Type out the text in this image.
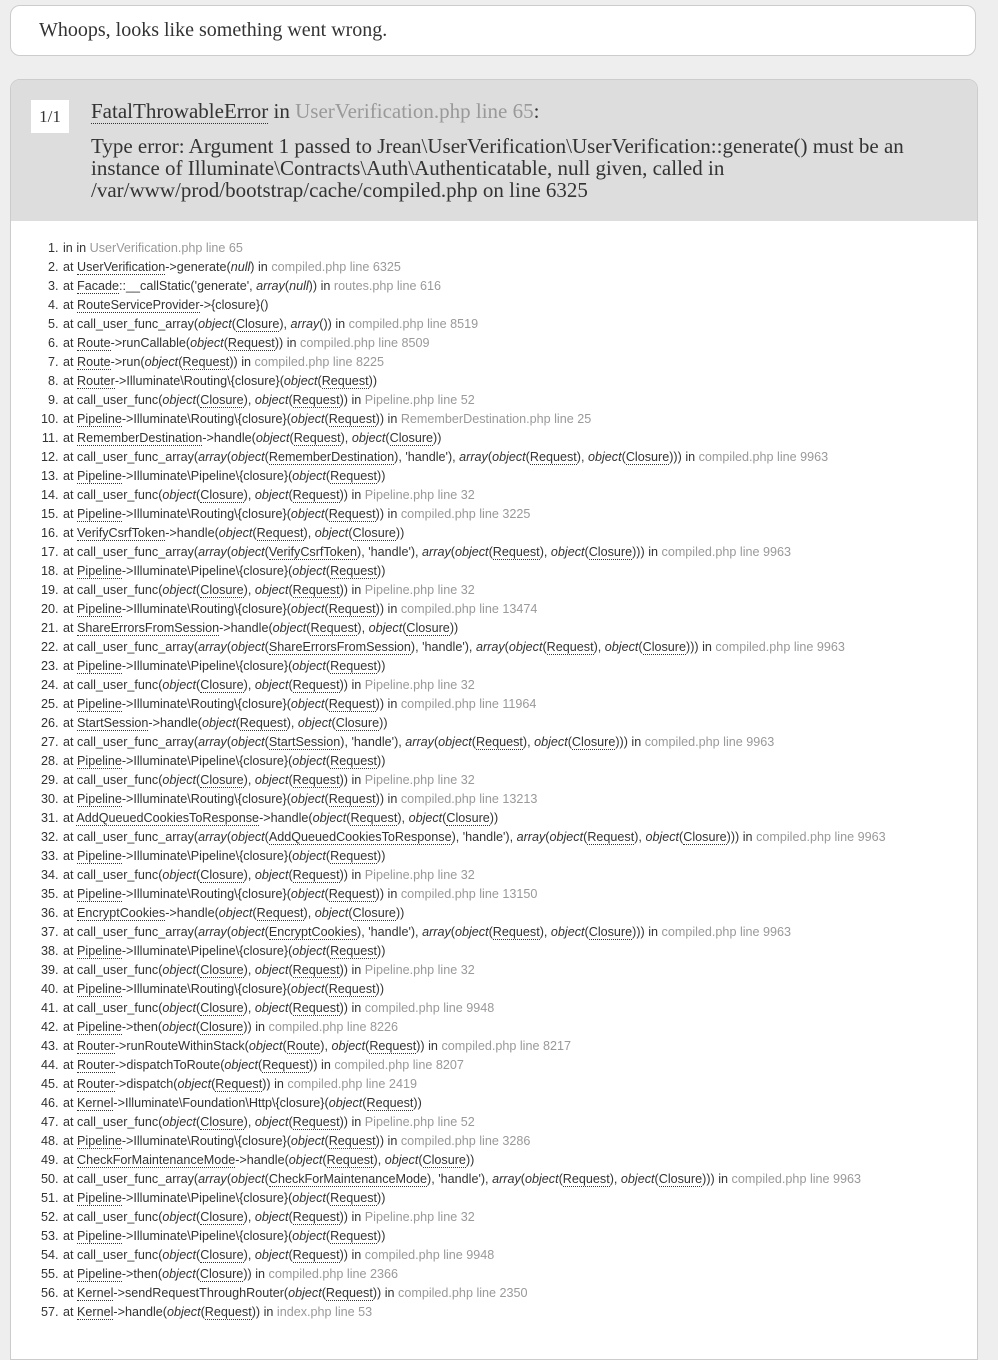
Whoops, looks like something went wrong.
1/1	FatalThrowableError in UserVerification.php line 65:
Type error: Argument 1 passed to Jrean\UserVerification\UserVerification::generate() must be an instance of Illuminate\Contracts\Auth\Authenticatable, null given, called in /var/www/prod/bootstrap/cache/compiled.php on line 6325
1. in in UserVerification.php line 65
2. at UserVerification->generate(null) in compiled.php line 6325
3. at Facade::__callStatic('generate', array(null)) in routes.php line 616
4. at RouteServiceProvider->{closure}()
5. at call_user_func_array(object(Closure), array()) in compiled.php line 8519
6. at Route->runCallable(object(Request)) in compiled.php line 8509
7. at Route->run(object(Request)) in compiled.php line 8225
8. at Router->Illuminate\Routing\{closure}(object(Request))
9. at call_user_func(object(Closure), object(Request)) in Pipeline.php line 52
10. at Pipeline->Illuminate\Routing\{closure}(object(Request)) in RememberDestination.php line 25
11. at RememberDestination->handle(object(Request), object(Closure))
12. at call_user_func_array(array(object(RememberDestination), 'handle'), array(object(Request), object(Closure))) in compiled.php line 9963
13. at Pipeline->Illuminate\Pipeline\{closure}(object(Request))
14. at call_user_func(object(Closure), object(Request)) in Pipeline.php line 32
15. at Pipeline->Illuminate\Routing\{closure}(object(Request)) in compiled.php line 3225
16. at VerifyCsrfToken->handle(object(Request), object(Closure))
17. at call_user_func_array(array(object(VerifyCsrfToken), 'handle'), array(object(Request), object(Closure))) in compiled.php line 9963
18. at Pipeline->Illuminate\Pipeline\{closure}(object(Request))
19. at call_user_func(object(Closure), object(Request)) in Pipeline.php line 32
20. at Pipeline->Illuminate\Routing\{closure}(object(Request)) in compiled.php line 13474
21. at ShareErrorsFromSession->handle(object(Request), object(Closure))
22. at call_user_func_array(array(object(ShareErrorsFromSession), 'handle'), array(object(Request), object(Closure))) in compiled.php line 9963
23. at Pipeline->Illuminate\Pipeline\{closure}(object(Request))
24. at call_user_func(object(Closure), object(Request)) in Pipeline.php line 32
25. at Pipeline->Illuminate\Routing\{closure}(object(Request)) in compiled.php line 11964
26. at StartSession->handle(object(Request), object(Closure))
27. at call_user_func_array(array(object(StartSession), 'handle'), array(object(Request), object(Closure))) in compiled.php line 9963
28. at Pipeline->Illuminate\Pipeline\{closure}(object(Request))
29. at call_user_func(object(Closure), object(Request)) in Pipeline.php line 32
30. at Pipeline->Illuminate\Routing\{closure}(object(Request)) in compiled.php line 13213
31. at AddQueuedCookiesToResponse->handle(object(Request), object(Closure))
32. at call_user_func_array(array(object(AddQueuedCookiesToResponse), 'handle'), array(object(Request), object(Closure))) in compiled.php line 9963
33. at Pipeline->Illuminate\Pipeline\{closure}(object(Request))
34. at call_user_func(object(Closure), object(Request)) in Pipeline.php line 32
35. at Pipeline->Illuminate\Routing\{closure}(object(Request)) in compiled.php line 13150
36. at EncryptCookies->handle(object(Request), object(Closure))
37. at call_user_func_array(array(object(EncryptCookies), 'handle'), array(object(Request), object(Closure))) in compiled.php line 9963
38. at Pipeline->Illuminate\Pipeline\{closure}(object(Request))
39. at call_user_func(object(Closure), object(Request)) in Pipeline.php line 32
40. at Pipeline->Illuminate\Routing\{closure}(object(Request))
41. at call_user_func(object(Closure), object(Request)) in compiled.php line 9948
42. at Pipeline->then(object(Closure)) in compiled.php line 8226
43. at Router->runRouteWithinStack(object(Route), object(Request)) in compiled.php line 8217
44. at Router->dispatchToRoute(object(Request)) in compiled.php line 8207
45. at Router->dispatch(object(Request)) in compiled.php line 2419
46. at Kernel->Illuminate\Foundation\Http\{closure}(object(Request))
47. at call_user_func(object(Closure), object(Request)) in Pipeline.php line 52
48. at Pipeline->Illuminate\Routing\{closure}(object(Request)) in compiled.php line 3286
49. at CheckForMaintenanceMode->handle(object(Request), object(Closure))
50. at call_user_func_array(array(object(CheckForMaintenanceMode), 'handle'), array(object(Request), object(Closure))) in compiled.php line 9963
51. at Pipeline->Illuminate\Pipeline\{closure}(object(Request))
52. at call_user_func(object(Closure), object(Request)) in Pipeline.php line 32
53. at Pipeline->Illuminate\Pipeline\{closure}(object(Request))
54. at call_user_func(object(Closure), object(Request)) in compiled.php line 9948
55. at Pipeline->then(object(Closure)) in compiled.php line 2366
56. at Kernel->sendRequestThroughRouter(object(Request)) in compiled.php line 2350
57. at Kernel->handle(object(Request)) in index.php line 53
